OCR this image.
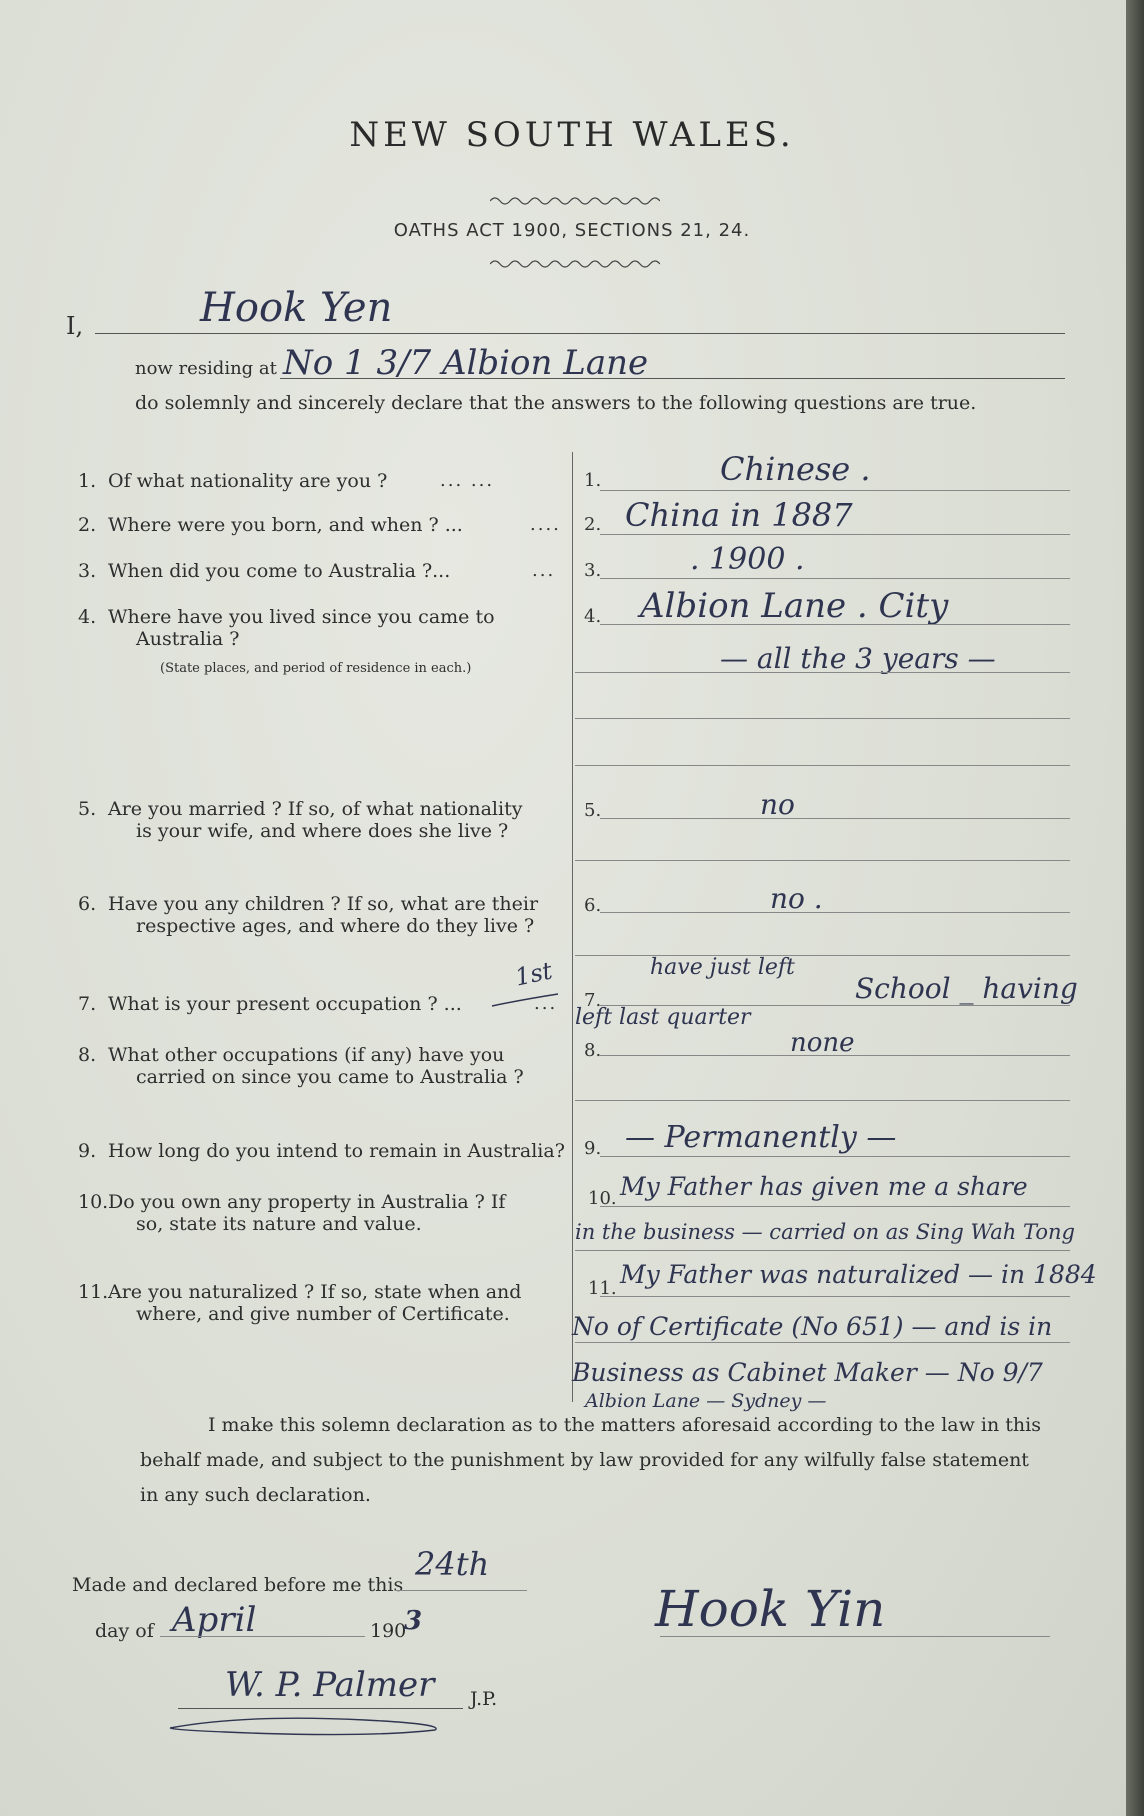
NEW SOUTH WALES.
OATHS ACT 1900, SECTIONS 21, 24.
I,	Hook Yen
now residing at No 1 3/7 Albion Lane
do solemnly and sincerely declare that the answers to the following questions are true.
1. Of what nationality are you ?	... ...	1.	Chinese .
2. Where were you born, and when ? ...	.... 2. China in 1887
3. When did you come to Australia ?...	... 3.	. 1900 .
4. Where have you lived since you came to
Australia ?
(State places, and period of residence in each.)
4. Albion Lane . City
— all the 3 years —
5. Are you married ? If so, of what nationality
is your wife, and where does she live ?
5.	no
6. Have you any children ? If so, what are their
respective ages, and where do they live ?
6.	no .
7. What is your present occupation ? ...	...
1st
7.
have just left
School _ having
left last quarter
8. What other occupations (if any) have you
carried on since you came to Australia ?
8.	none
9. How long do you intend to remain in Australia? 9. — Permanently —
10.Do you own any property in Australia ? If
so, state its nature and value.
10. My Father has given me a share
in the business — carried on as Sing Wah Tong
11.Are you naturalized ? If so, state when and
where, and give number of Certificate.
11. My Father was naturalized — in 1884
No of Certificate (No 651) — and is in
Business as Cabinet Maker — No 9/7
Albion Lane — Sydney —
I make this solemn declaration as to the matters aforesaid according to the law in this
behalf made, and subject to the punishment by law provided for any wilfully false statement
in any such declaration.
Made and declared before me this
24th
day of April	190
3
W. P. Palmer J.P.
Hook Yin
